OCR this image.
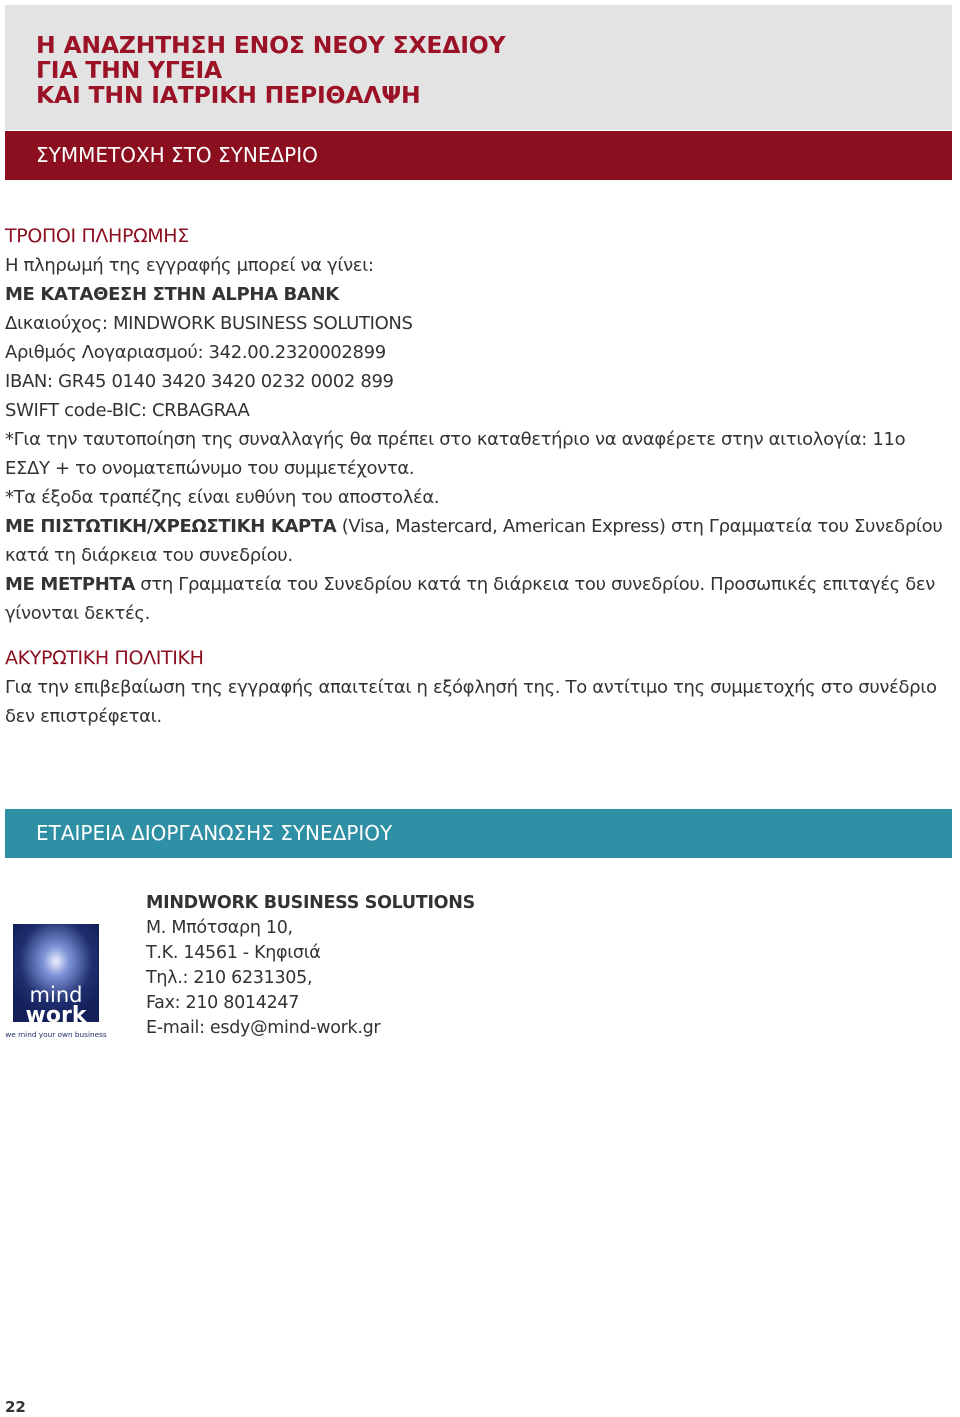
Η ΑΝΑΖΗΤΗΣΗ ΕΝΟΣ ΝΕΟΥ ΣΧΕΔΙΟΥ
ΓΙΑ ΤΗΝ ΥΓΕΙΑ
ΚΑΙ ΤΗΝ ΙΑΤΡΙΚΗ ΠΕΡΙΘΑΛΨΗ
ΣΥΜΜΕΤΟΧΗ ΣΤΟ ΣΥΝΕΔΡΙΟ

ΤΡΟΠΟΙ ΠΛΗΡΩΜΗΣ

Η πληρωμή της εγγραφής μπορεί να γίνει:

ΜΕ ΚΑΤΑΘΕΣΗ ΣΤΗΝ ALPHA BANK

Δικαιούχος: MINDWORK BUSINESS SOLUTIONS

Αριθμός Λογαριασμού: 342.00.2320002899

IBAN: GR45 0140 3420 3420 0232 0002 899

SWIFT code-BIC: CRBAGRAA

*Για την ταυτοποίηση της συναλλαγής θα πρέπει στο καταθετήριο να αναφέρετε στην αιτιολογία: 11ο ΕΣΔΥ + το ονοματεπώνυμο του συμμετέχοντα.

*Τα έξοδα τραπέζης είναι ευθύνη του αποστολέα.

ΜΕ ΠΙΣΤΩΤΙΚΗ/ΧΡΕΩΣΤΙΚΗ ΚΑΡΤΑ (Visa, Mastercard, American Express) στη Γραμματεία του Συνεδρίου κατά τη διάρκεια του συνεδρίου.

ΜΕ ΜΕΤΡΗΤΑ στη Γραμματεία του Συνεδρίου κατά τη διάρκεια του συνεδρίου. Προσωπικές επιταγές δεν γίνονται δεκτές.

ΑΚΥΡΩΤΙΚΗ ΠΟΛΙΤΙΚΗ

Για την επιβεβαίωση της εγγραφής απαιτείται η εξόφλησή της. Το αντίτιμο της συμμετοχής στο συνέδριο δεν επιστρέφεται.

ΕΤΑΙΡΕΙΑ ΔΙΟΡΓΑΝΩΣΗΣ ΣΥΝΕΔΡΙΟΥ
mind
work
we mind your own business

MINDWORK BUSINESS SOLUTIONS

Μ. Μπότσαρη 10,

Τ.Κ. 14561 - Κηφισιά

Τηλ.: 210 6231305,

Fax: 210 8014247

E-mail: esdy@mind-work.gr

22
